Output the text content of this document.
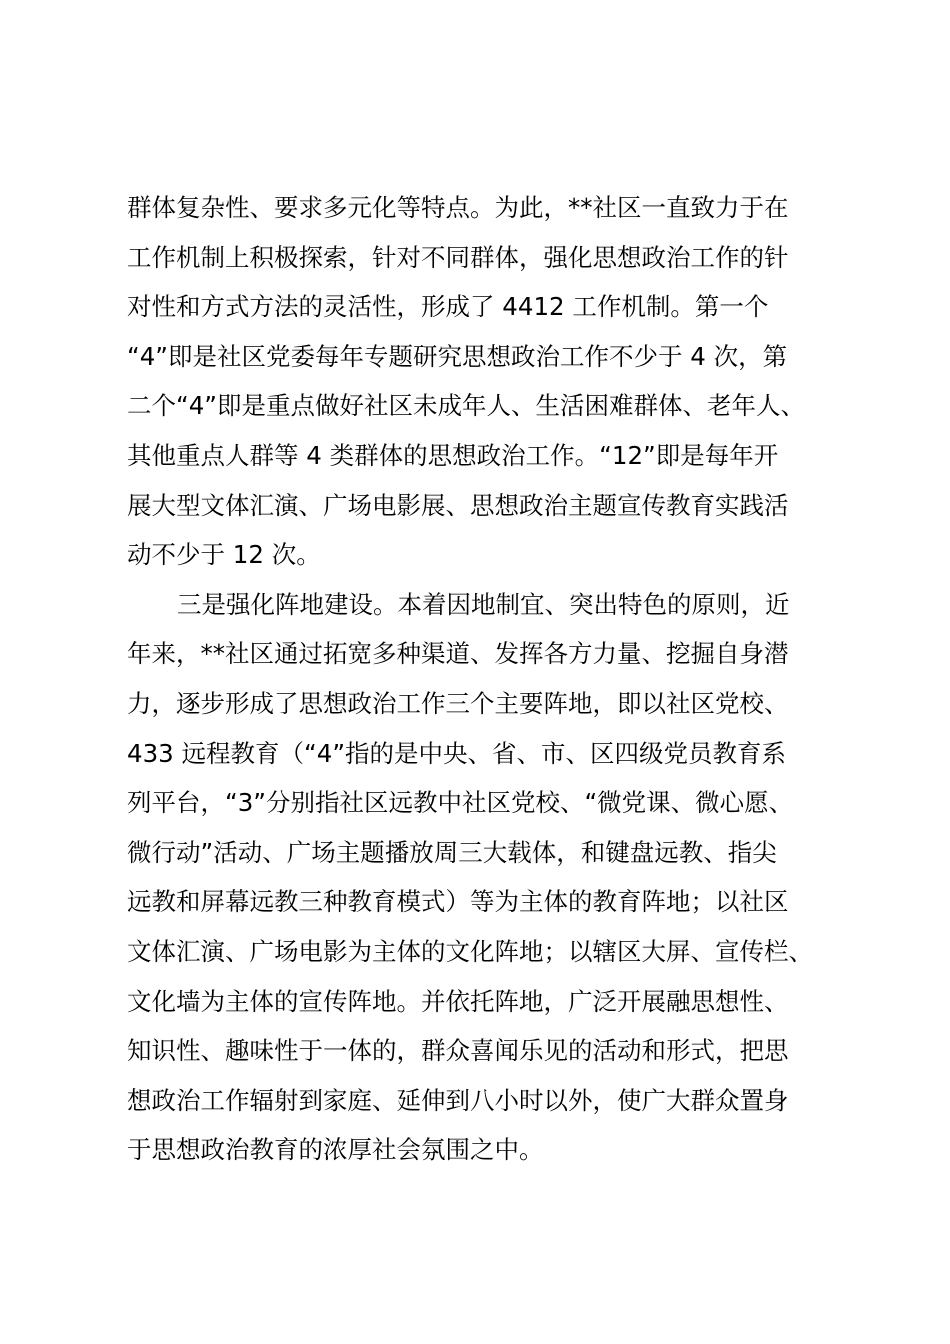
群体复杂性、要求多元化等特点。为此，**社区一直致力于在
工作机制上积极探索，针对不同群体，强化思想政治工作的针
对性和方式方法的灵活性，形成了 4412 工作机制。第一个
“4”即是社区党委每年专题研究思想政治工作不少于 4 次，第
二个“4”即是重点做好社区未成年人、生活困难群体、老年人、
其他重点人群等 4 类群体的思想政治工作。“12”即是每年开
展大型文体汇演、广场电影展、思想政治主题宣传教育实践活
动不少于 12 次。
三是强化阵地建设。本着因地制宜、突出特色的原则，近
年来，**社区通过拓宽多种渠道、发挥各方力量、挖掘自身潜
力，逐步形成了思想政治工作三个主要阵地，即以社区党校、
433 远程教育（“4”指的是中央、省、市、区四级党员教育系
列平台，“3”分别指社区远教中社区党校、“微党课、微心愿、
微行动”活动、广场主题播放周三大载体，和键盘远教、指尖
远教和屏幕远教三种教育模式）等为主体的教育阵地；以社区
文体汇演、广场电影为主体的文化阵地；以辖区大屏、宣传栏、
文化墙为主体的宣传阵地。并依托阵地，广泛开展融思想性、
知识性、趣味性于一体的，群众喜闻乐见的活动和形式，把思
想政治工作辐射到家庭、延伸到八小时以外，使广大群众置身
于思想政治教育的浓厚社会氛围之中。
